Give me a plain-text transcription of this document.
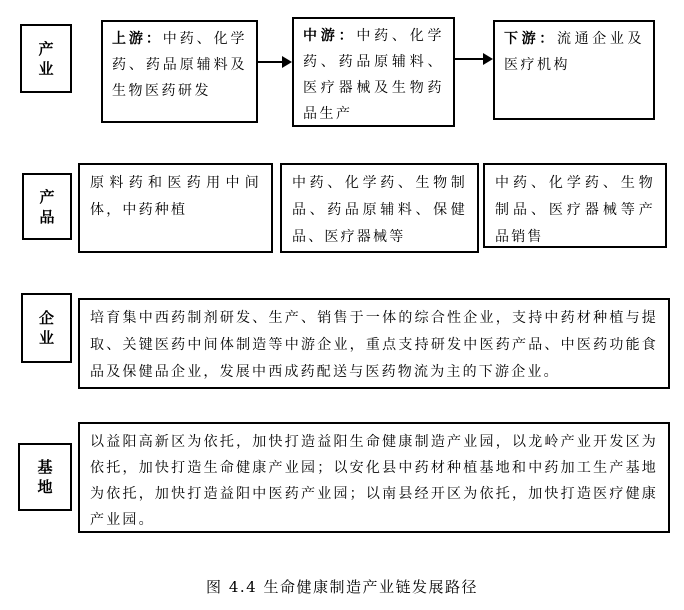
产业
上游：中药、化学药、药品原辅料及生物医药研发
中游：中药、化学药、药品原辅料、医疗器械及生物药品生产
下游：流通企业及医疗机构
产品
原料药和医药用中间体，中药种植
中药、化学药、生物制品、药品原辅料、保健品、医疗器械等
中药、化学药、生物制品、医疗器械等产品销售
企业
培育集中西药制剂研发、生产、销售于一体的综合性企业，支持中药材种植与提取、关键医药中间体制造等中游企业，重点支持研发中医药产品、中医药功能食品及保健品企业，发展中西成药配送与医药物流为主的下游企业。
基地
以益阳高新区为依托，加快打造益阳生命健康制造产业园，以龙岭产业开发区为依托，加快打造生命健康产业园；以安化县中药材种植基地和中药加工生产基地为依托，加快打造益阳中医药产业园；以南县经开区为依托，加快打造医疗健康产业园。
图 4.4 生命健康制造产业链发展路径
